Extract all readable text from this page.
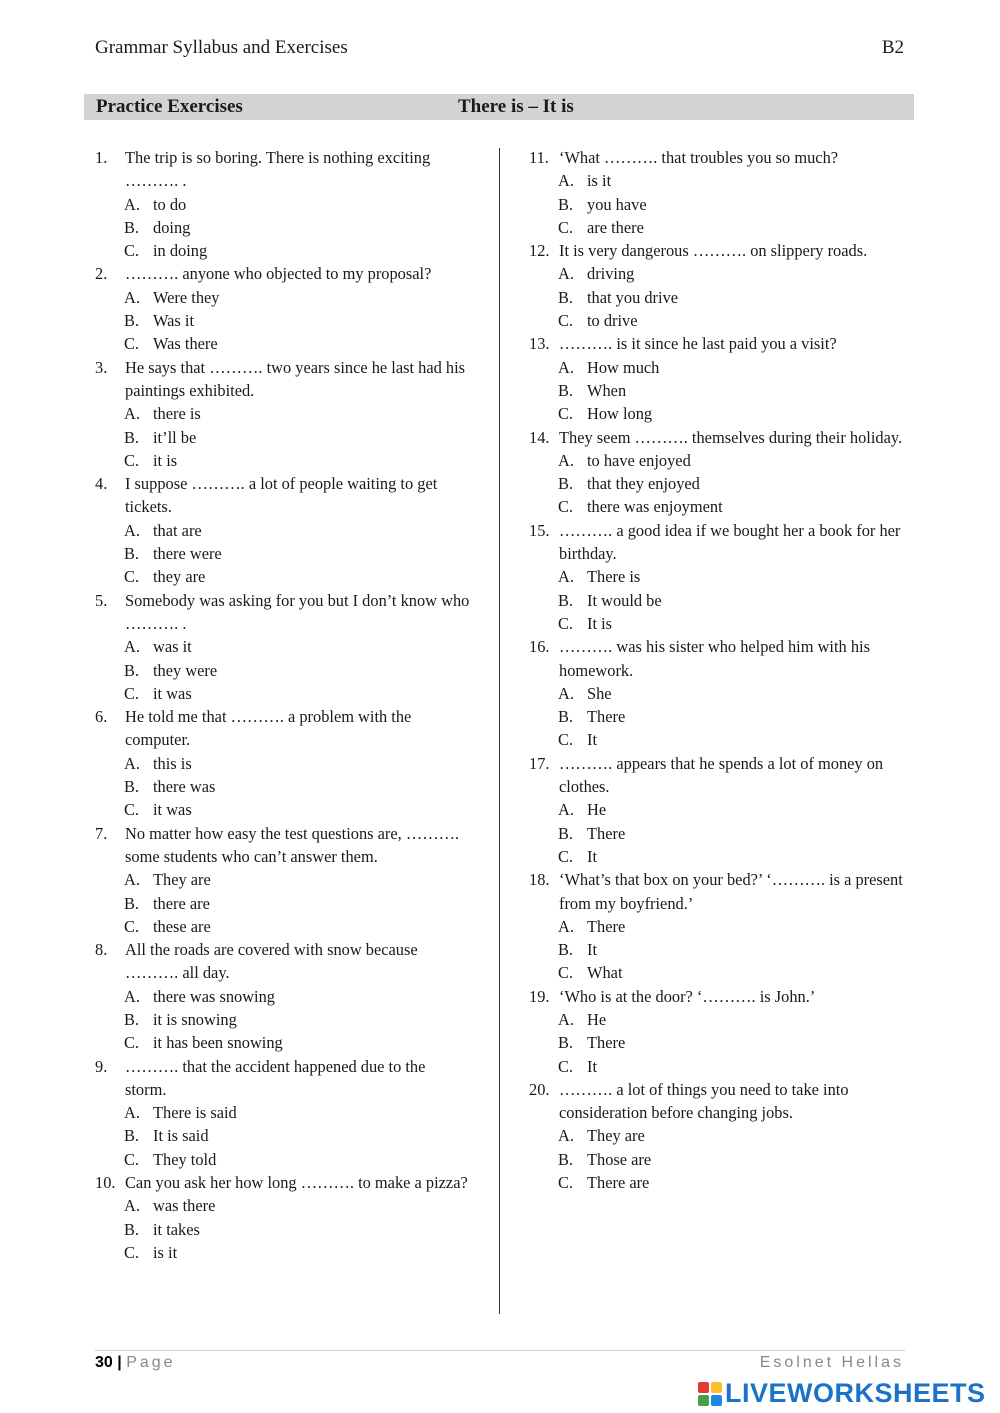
Grammar Syllabus and Exercises	B2
Practice Exercises	There is – It is
1.	The trip is so boring. There is nothing exciting ………. .
A. to do
B. doing
C. in doing
2.	………. anyone who objected to my proposal?
A. Were they
B. Was it
C. Was there
3.	He says that ………. two years since he last had his paintings exhibited.
A. there is
B. it’ll be
C. it is
4.	I suppose ………. a lot of people waiting to get tickets.
A. that are
B. there were
C. they are
5.	Somebody was asking for you but I don’t know who ………. .
A. was it
B. they were
C. it was
6.	He told me that ………. a problem with the computer.
A. this is
B. there was
C. it was
7.	No matter how easy the test questions are, ………. some students who can’t answer them.
A. They are
B. there are
C. these are
8.	All the roads are covered with snow because ………. all day.
A. there was snowing
B. it is snowing
C. it has been snowing
9.	………. that the accident happened due to the storm.
A. There is said
B. It is said
C. They told
10. Can you ask her how long ………. to make a pizza?
A. was there
B. it takes
C. is it
11. ‘What ………. that troubles you so much?
A. is it
B. you have
C. are there
12. It is very dangerous ………. on slippery roads.
A. driving
B. that you drive
C. to drive
13. ………. is it since he last paid you a visit?
A. How much
B. When
C. How long
14. They seem ………. themselves during their holiday.
A. to have enjoyed
B. that they enjoyed
C. there was enjoyment
15. ………. a good idea if we bought her a book for her birthday.
A. There is
B. It would be
C. It is
16. ………. was his sister who helped him with his homework.
A. She
B. There
C. It
17. ………. appears that he spends a lot of money on clothes.
A. He
B. There
C. It
18. ‘What’s that box on your bed?’ ‘………. is a present from my boyfriend.’
A. There
B. It
C. What
19. ‘Who is at the door? ‘………. is John.’
A. He
B. There
C. It
20. ………. a lot of things you need to take into consideration before changing jobs.
A. They are
B. Those are
C. There are
30 | Page	Esolnet Hellas
LIVEWORKSHEETS
